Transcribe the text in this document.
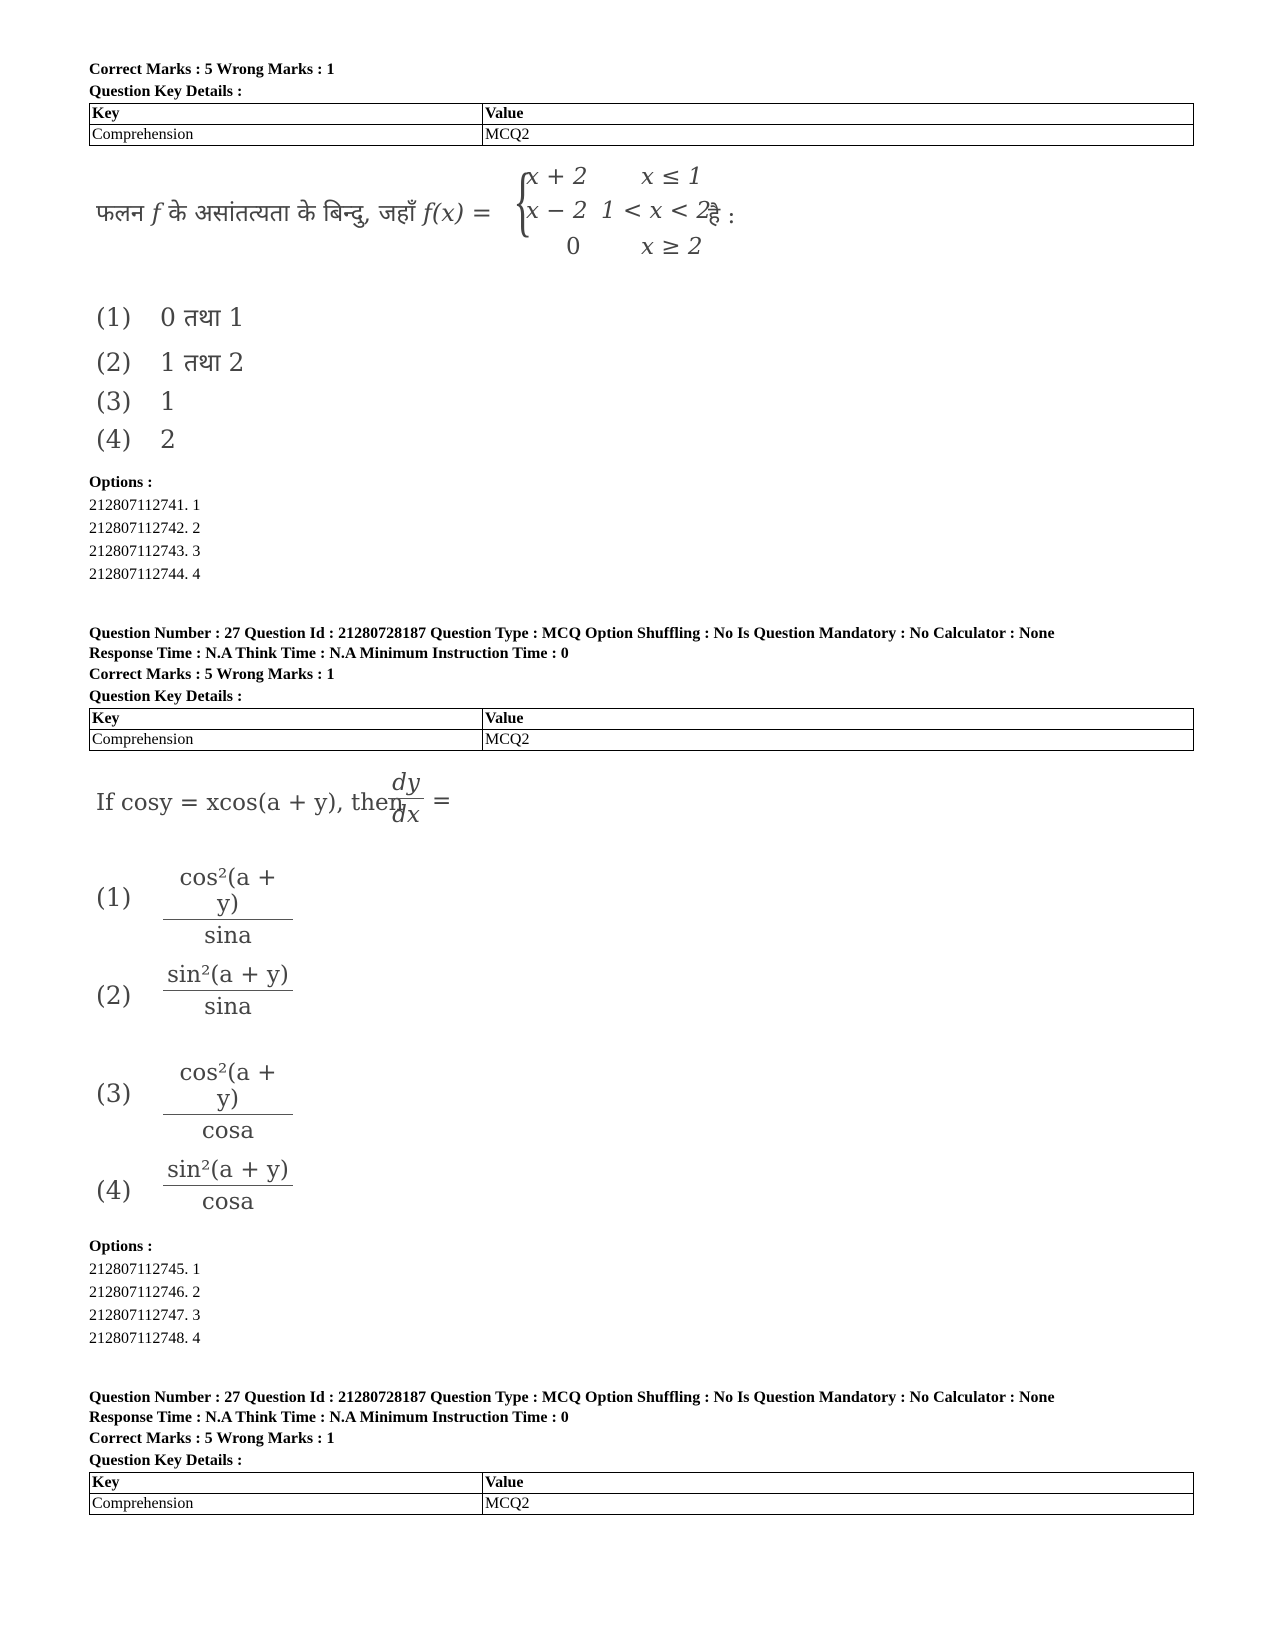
Correct Marks : 5 Wrong Marks : 1
Question Key Details :
Key	Value
Comprehension	MCQ2
फलन f के असांतत्यता के बिन्दु, जहाँ f(x) = {
x + 2 x ≤ 1
x − 2 1 < x < 2
0	x ≥ 2
है :
(1) 0 तथा 1
(2) 1 तथा 2
(3) 1
(4) 2
Options :
212807112741. 1
212807112742. 2
212807112743. 3
212807112744. 4
Question Number : 27 Question Id : 21280728187 Question Type : MCQ Option Shuffling : No Is Question Mandatory : No Calculator : None
Response Time : N.A Think Time : N.A Minimum Instruction Time : 0
Correct Marks : 5 Wrong Marks : 1
Question Key Details :
Key	Value
Comprehension	MCQ2
If cosy = xcos(a + y), then
$\frac{dy}{dx}$ =
$(1) \frac{\text{cos²(a + y)}}{\sin a}$
$(2) \frac{\text{sin²(a + y)}}{\sin a}$
$(3) \frac{\text{cos²(a + y)}}{\cos a}$
$(4) \frac{\text{sin²(a + y)}}{\cos a}$
Options :
212807112745. 1
212807112746. 2
212807112747. 3
212807112748. 4
Question Number : 27 Question Id : 21280728187 Question Type : MCQ Option Shuffling : No Is Question Mandatory : No Calculator : None
Response Time : N.A Think Time : N.A Minimum Instruction Time : 0
Correct Marks : 5 Wrong Marks : 1
Question Key Details :
Key	Value
Comprehension	MCQ2
